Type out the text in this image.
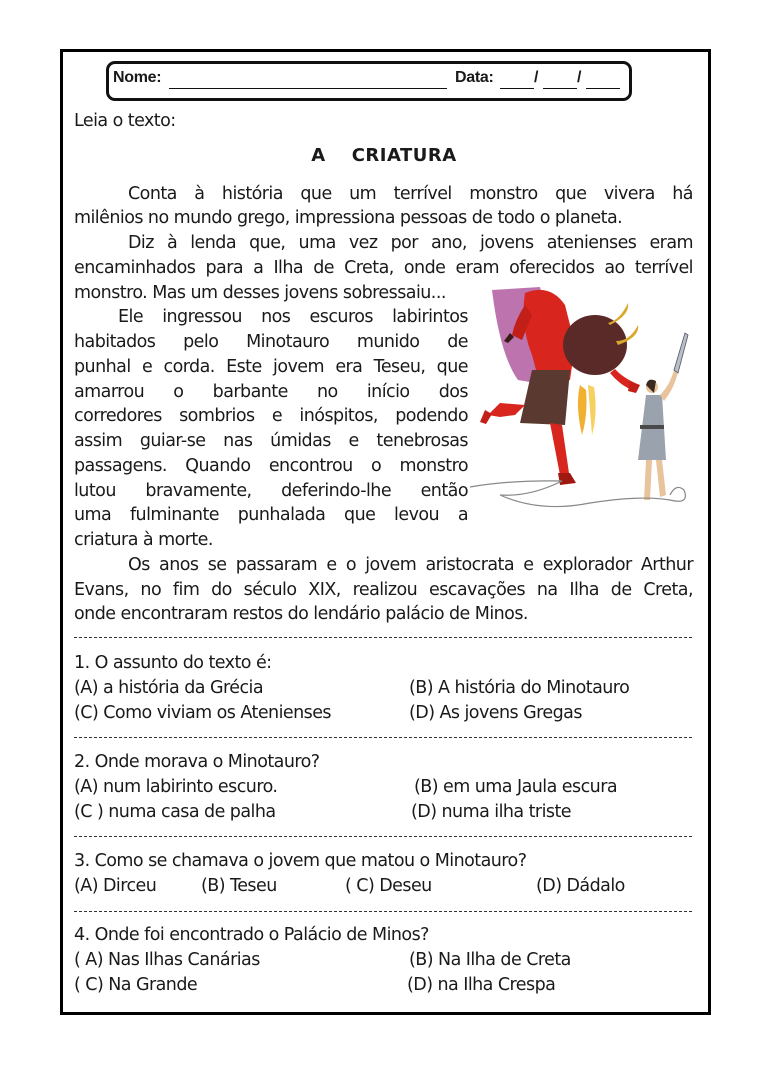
Nome:	Data:	/ /
Leia o texto:
A CRIATURA
Conta à história que um terrível monstro que vivera há
milênios no mundo grego, impressiona pessoas de todo o planeta.
Diz à lenda que, uma vez por ano, jovens atenienses eram
encaminhados para a Ilha de Creta, onde eram oferecidos ao terrível
monstro. Mas um desses jovens sobressaiu...
Ele ingressou nos escuros labirintos
habitados pelo Minotauro munido de
punhal e corda. Este jovem era Teseu, que
amarrou o barbante no início dos
corredores sombrios e inóspitos, podendo
assim guiar-se nas úmidas e tenebrosas
passagens. Quando encontrou o monstro
lutou bravamente, deferindo-lhe então
uma fulminante punhalada que levou a
criatura à morte.
Os anos se passaram e o jovem aristocrata e explorador Arthur
Evans, no fim do século XIX, realizou escavações na Ilha de Creta,
onde encontraram restos do lendário palácio de Minos.
1. O assunto do texto é:
(A) a história da Grécia	(B) A história do Minotauro
(C) Como viviam os Atenienses	(D) As jovens Gregas
2. Onde morava o Minotauro?
(A) num labirinto escuro.	(B) em uma Jaula escura
(C ) numa casa de palha	(D) numa ilha triste
3. Como se chamava o jovem que matou o Minotauro?
(A) Dirceu	(B) Teseu	( C) Deseu	(D) Dádalo
4. Onde foi encontrado o Palácio de Minos?
( A) Nas Ilhas Canárias	(B) Na Ilha de Creta
( C) Na Grande	(D) na Ilha Crespa
